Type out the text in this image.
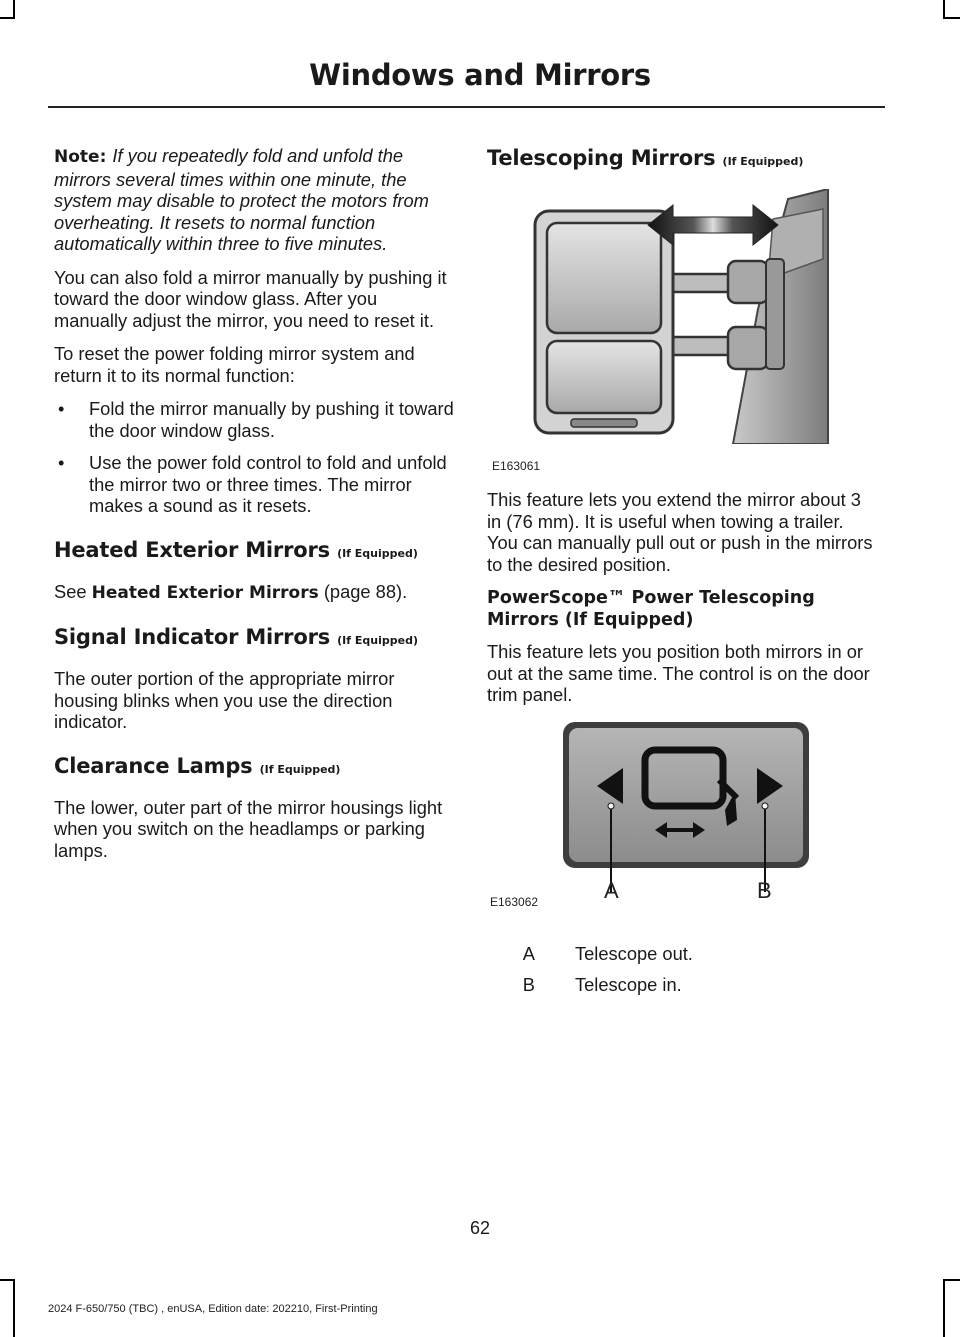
Windows and Mirrors

Note: If you repeatedly fold and unfold the mirrors several times within one minute, the system may disable to protect the motors from overheating. It resets to normal function automatically within three to five minutes.

You can also fold a mirror manually by pushing it toward the door window glass. After you manually adjust the mirror, you need to reset it.

To reset the power folding mirror system and return it to its normal function:

• Fold the mirror manually by pushing it toward the door window glass.
• Use the power fold control to fold and unfold the mirror two or three times. The mirror makes a sound as it resets.
Heated Exterior Mirrors (If Equipped)

See Heated Exterior Mirrors (page 88).

Signal Indicator Mirrors (If Equipped)

The outer portion of the appropriate mirror housing blinks when you use the direction indicator.

Clearance Lamps (If Equipped)

The lower, outer part of the mirror housings light when you switch on the headlamps or parking lamps.

Telescoping Mirrors (If Equipped)
E163061

This feature lets you extend the mirror about 3 in (76 mm). It is useful when towing a trailer. You can manually pull out or push in the mirrors to the desired position.

PowerScope™ Power Telescoping Mirrors (If Equipped)

This feature lets you position both mirrors in or out at the same time. The control is on the door trim panel.

A	B
E163062
A Telescope out.
B Telescope in.
62
2024 F-650/750 (TBC) , enUSA, Edition date: 202210, First-Printing
